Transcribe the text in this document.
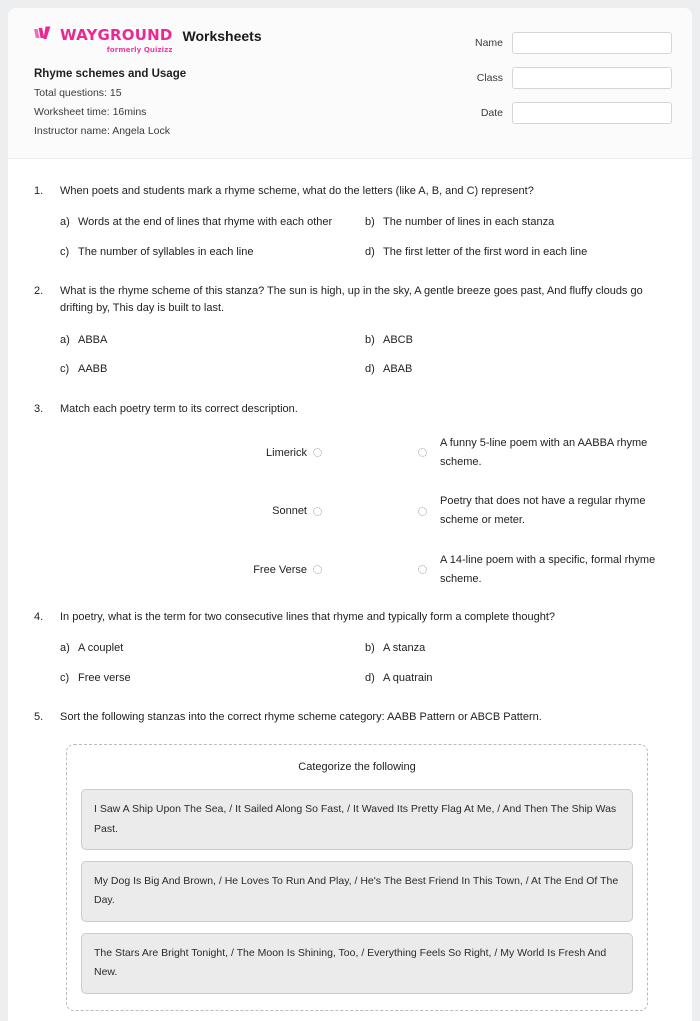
WAYGROUND
formerly Quizizz
Worksheets
Rhyme schemes and Usage
Total questions: 15
Worksheet time: 16mins
Instructor name: Angela Lock
Name
Class
Date
1.	When poets and students mark a rhyme scheme, what do the letters (like A, B, and C) represent?
a) Words at the end of lines that rhyme with each other	b) The number of lines in each stanza
c) The number of syllables in each line	d) The first letter of the first word in each line
2.	What is the rhyme scheme of this stanza? The sun is high, up in the sky, A gentle breeze goes past, And fluffy clouds go drifting by, This day is built to last.
a) ABBA	b) ABCB
c) AABB	d) ABAB
3.	Match each poetry term to its correct description.
Limerick
A funny 5-line poem with an AABBA rhyme scheme.
Sonnet
Poetry that does not have a regular rhyme scheme or meter.
Free Verse
A 14-line poem with a specific, formal rhyme scheme.
4.	In poetry, what is the term for two consecutive lines that rhyme and typically form a complete thought?
a) A couplet	b) A stanza
c) Free verse	d) A quatrain
5.	Sort the following stanzas into the correct rhyme scheme category: AABB Pattern or ABCB Pattern.
Categorize the following
I Saw A Ship Upon The Sea, / It Sailed Along So Fast, / It Waved Its Pretty Flag At Me, / And Then The Ship Was Past.
My Dog Is Big And Brown, / He Loves To Run And Play, / He's The Best Friend In This Town, / At The End Of The Day.
The Stars Are Bright Tonight, / The Moon Is Shining, Too, / Everything Feels So Right, / My World Is Fresh And New.
